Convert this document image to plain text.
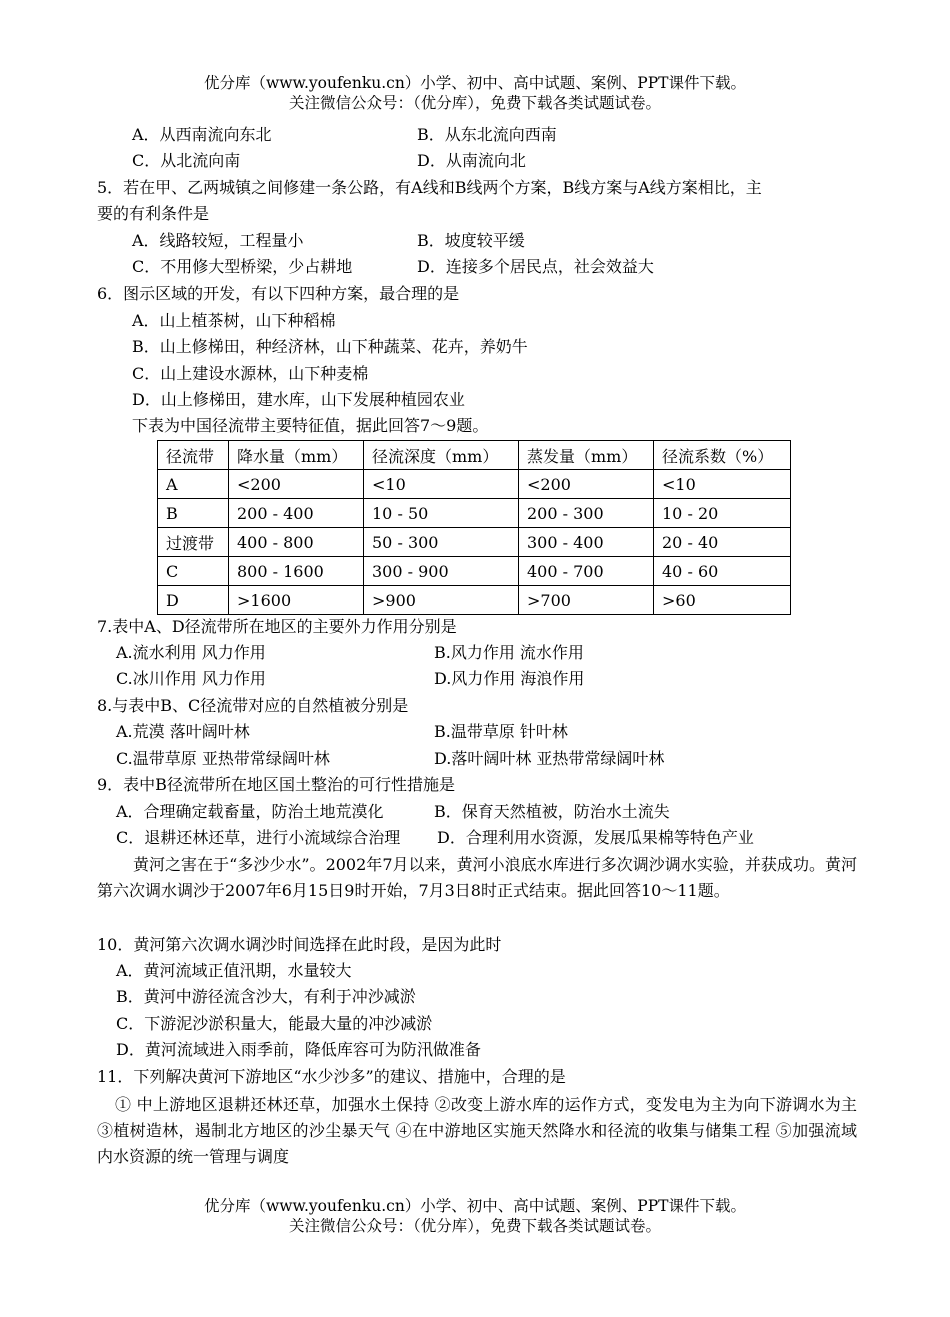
优分库（www.youfenku.cn）小学、初中、高中试题、案例、PPT课件下载。
关注微信公众号：（优分库），免费下载各类试题试卷。
A．从西南流向东北	B．从东北流向西南
C．从北流向南	D．从南流向北
5．若在甲、乙两城镇之间修建一条公路，有A线和B线两个方案，B线方案与A线方案相比，主
要的有利条件是
A．线路较短，工程量小	B．坡度较平缓
C．不用修大型桥梁，少占耕地	D．连接多个居民点，社会效益大
6．图示区域的开发，有以下四种方案，最合理的是
A．山上植茶树，山下种稻棉
B．山上修梯田，种经济林，山下种蔬菜、花卉，养奶牛
C．山上建设水源林，山下种麦棉
D．山上修梯田，建水库，山下发展种植园农业
下表为中国径流带主要特征值，据此回答7～9题。
径流带	降水量（mm）	径流深度（mm）	蒸发量（mm）	径流系数（%）
A	<200	<10	<200	<10
B	200 - 400	10 - 50	200 - 300	10 - 20
过渡带	400 - 800	50 - 300	300 - 400	20 - 40
C	800 - 1600	300 - 900	400 - 700	40 - 60
D	>1600	>900	>700	>60
7.表中A、D径流带所在地区的主要外力作用分别是
A.流水利用 风力作用	B.风力作用 流水作用
C.冰川作用 风力作用	D.风力作用 海浪作用
8.与表中B、C径流带对应的自然植被分别是
A.荒漠 落叶阔叶林	B.温带草原 针叶林
C.温带草原 亚热带常绿阔叶林	D.落叶阔叶林 亚热带常绿阔叶林
9．表中B径流带所在地区国土整治的可行性措施是
A．合理确定载畜量，防治土地荒漠化	B．保育天然植被，防治水土流失
C．退耕还林还草，进行小流域综合治理 D．合理利用水资源，发展瓜果棉等特色产业
黄河之害在于“多沙少水”。2002年7月以来，黄河小浪底水库进行多次调沙调水实验，并获成功。黄河第六次调水调沙于2007年6月15日9时开始，7月3日8时正式结束。据此回答10～11题。
10．黄河第六次调水调沙时间选择在此时段，是因为此时
A．黄河流域正值汛期，水量较大
B．黄河中游径流含沙大，有利于冲沙减淤
C．下游泥沙淤积量大，能最大量的冲沙减淤
D．黄河流域进入雨季前，降低库容可为防汛做准备
11．下列解决黄河下游地区“水少沙多”的建议、措施中，合理的是
① 中上游地区退耕还林还草，加强水土保持 ②改变上游水库的运作方式，变发电为主为向下游调水为主 ③植树造林，遏制北方地区的沙尘暴天气 ④在中游地区实施天然降水和径流的收集与储集工程 ⑤加强流域内水资源的统一管理与调度
优分库（www.youfenku.cn）小学、初中、高中试题、案例、PPT课件下载。
关注微信公众号：（优分库），免费下载各类试题试卷。
